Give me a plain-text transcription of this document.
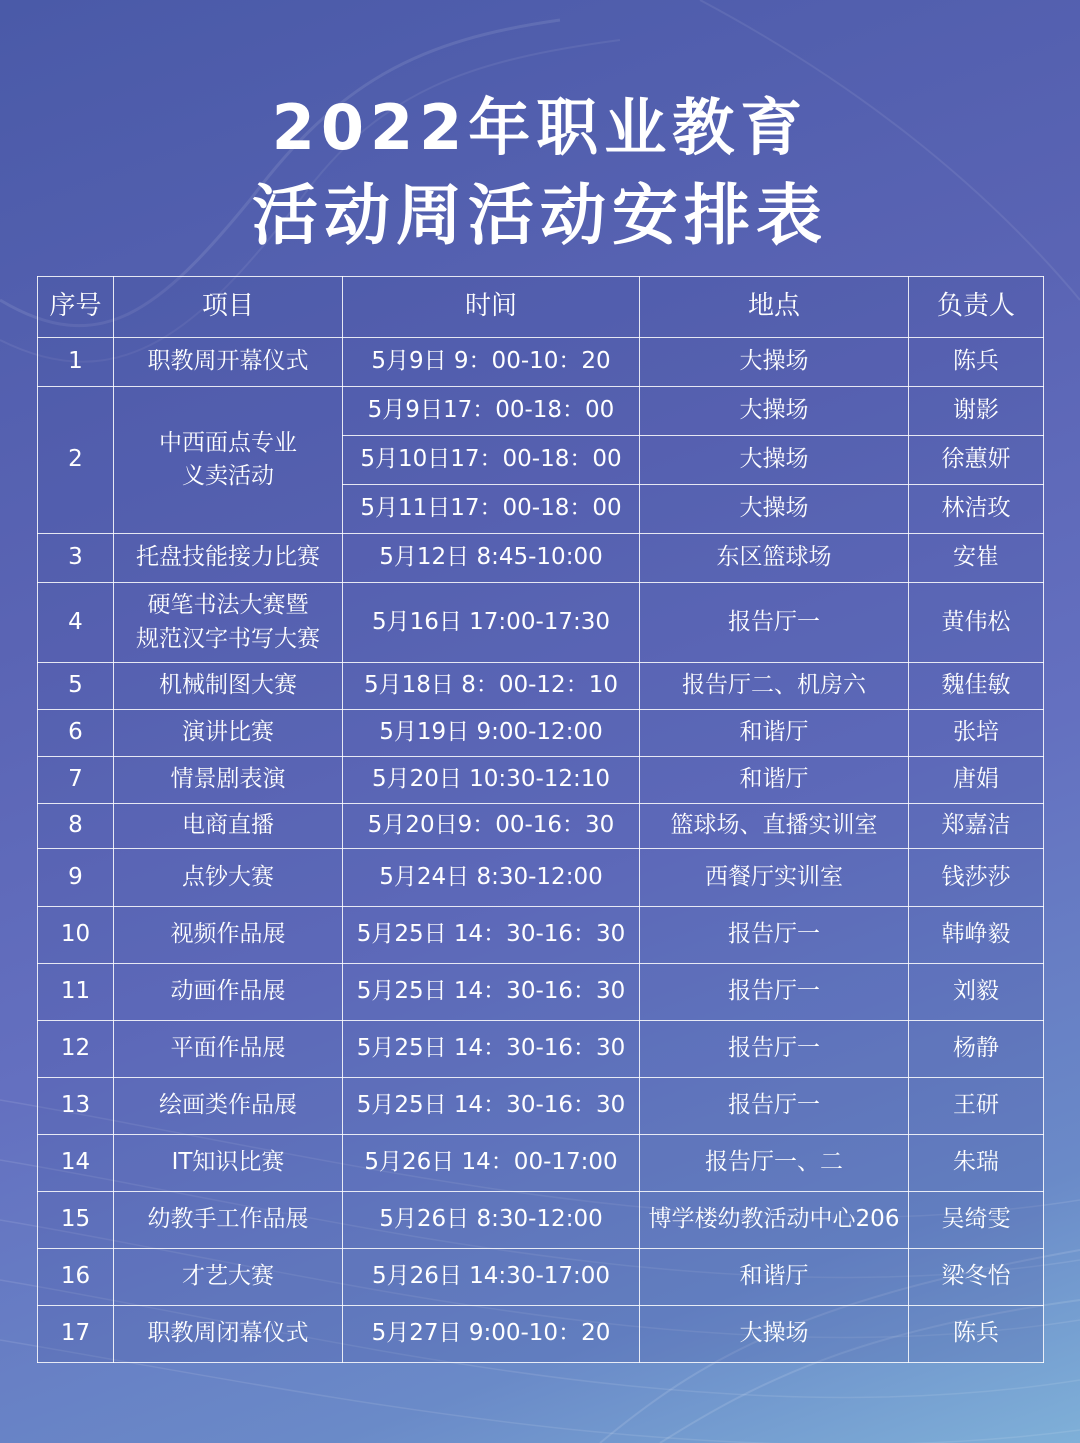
2022年职业教育
活动周活动安排表
序号	项目	时间	地点	负责人
1	职教周开幕仪式	5月9日 9：00-10：20	大操场	陈兵
2	中西面点专业
义卖活动	5月9日17：00-18：00	大操场	谢影
		5月10日17：00-18：00	大操场	徐蕙妍
		5月11日17：00-18：00	大操场	林洁玫
3	托盘技能接力比赛	5月12日 8:45-10:00	东区篮球场	安崔
4	硬笔书法大赛暨
规范汉字书写大赛	5月16日 17:00-17:30	报告厅一	黄伟松
5	机械制图大赛	5月18日 8：00-12：10	报告厅二、机房六	魏佳敏
6	演讲比赛	5月19日 9:00-12:00	和谐厅	张培
7	情景剧表演	5月20日 10:30-12:10	和谐厅	唐娟
8	电商直播	5月20日9：00-16：30	篮球场、直播实训室	郑嘉洁
9	点钞大赛	5月24日 8:30-12:00	西餐厅实训室	钱莎莎
10	视频作品展	5月25日 14：30-16：30	报告厅一	韩峥毅
11	动画作品展	5月25日 14：30-16：30	报告厅一	刘毅
12	平面作品展	5月25日 14：30-16：30	报告厅一	杨静
13	绘画类作品展	5月25日 14：30-16：30	报告厅一	王研
14	IT知识比赛	5月26日 14：00-17:00	报告厅一、二	朱瑞
15	幼教手工作品展	5月26日 8:30-12:00	博学楼幼教活动中心206	吴绮雯
16	才艺大赛	5月26日 14:30-17:00	和谐厅	梁冬怡
17	职教周闭幕仪式	5月27日 9:00-10：20	大操场	陈兵
